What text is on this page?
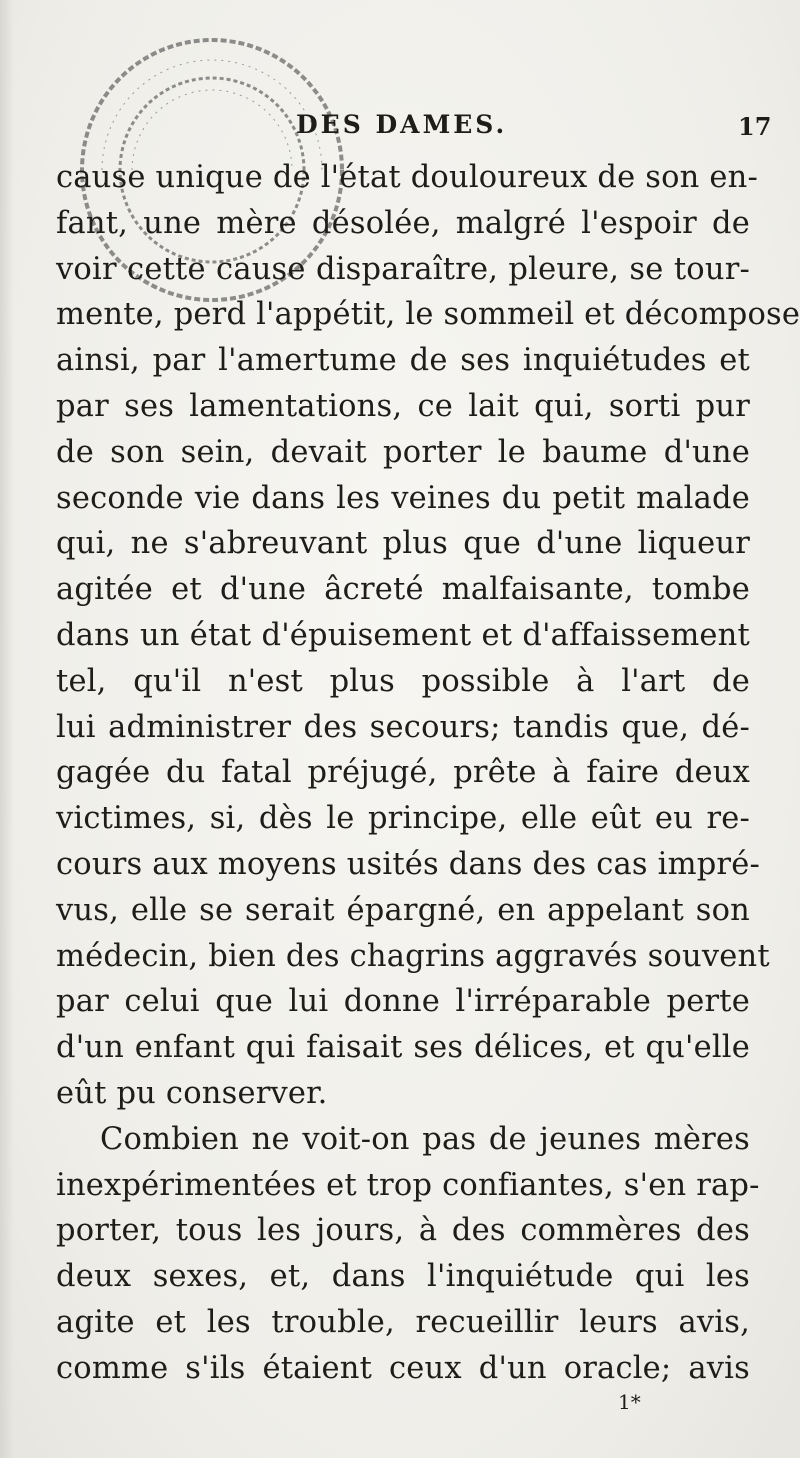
DES DAMES.	17
cause unique de l'état douloureux de son en-
fant, une mère désolée, malgré l'espoir de
voir cette cause disparaître, pleure, se tour-
mente, perd l'appétit, le sommeil et décompose
ainsi, par l'amertume de ses inquiétudes et
par ses lamentations, ce lait qui, sorti pur
de son sein, devait porter le baume d'une
seconde vie dans les veines du petit malade
qui, ne s'abreuvant plus que d'une liqueur
agitée et d'une âcreté malfaisante, tombe
dans un état d'épuisement et d'affaissement
tel, qu'il n'est plus possible à l'art de
lui administrer des secours; tandis que, dé-
gagée du fatal préjugé, prête à faire deux
victimes, si, dès le principe, elle eût eu re-
cours aux moyens usités dans des cas impré-
vus, elle se serait épargné, en appelant son
médecin, bien des chagrins aggravés souvent
par celui que lui donne l'irréparable perte
d'un enfant qui faisait ses délices, et qu'elle
eût pu conserver.
Combien ne voit-on pas de jeunes mères
inexpérimentées et trop confiantes, s'en rap-
porter, tous les jours, à des commères des
deux sexes, et, dans l'inquiétude qui les
agite et les trouble, recueillir leurs avis,
comme s'ils étaient ceux d'un oracle; avis
1*
